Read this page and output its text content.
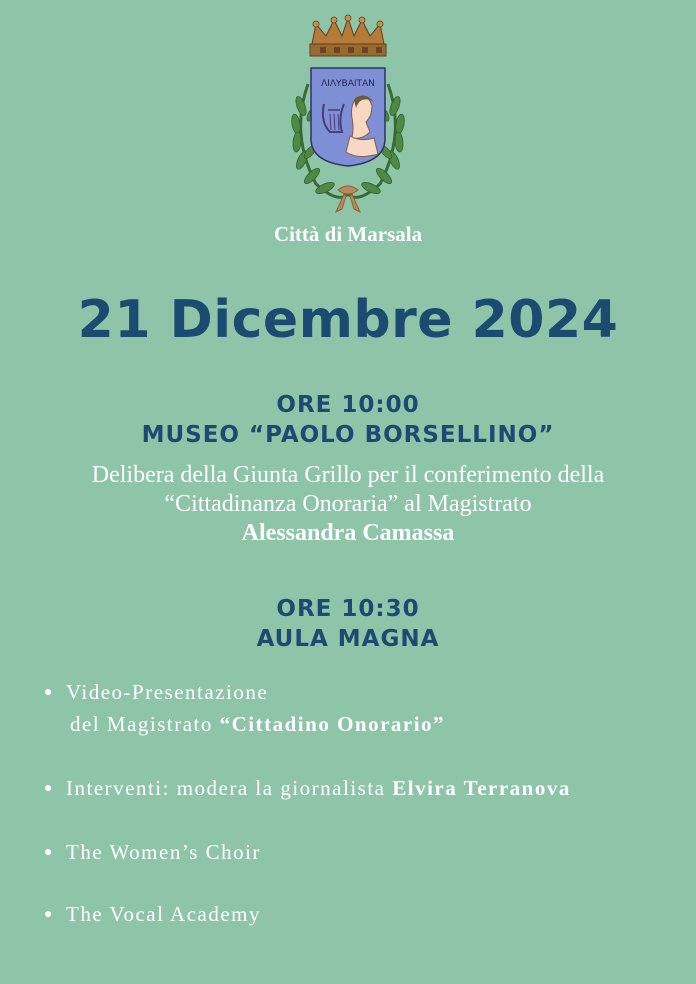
ΛΙΛΥΒΑΙΤΑΝ
Città di Marsala
21 Dicembre 2024
ORE 10:00
MUSEO “PAOLO BORSELLINO”
Delibera della Giunta Grillo per il conferimento della
“Cittadinanza Onoraria” al Magistrato
Alessandra Camassa
ORE 10:30
AULA MAGNA
● Video-Presentazione
del Magistrato “Cittadino Onorario”
● Interventi: modera la giornalista Elvira Terranova
● The Women’s Choir
● The Vocal Academy
